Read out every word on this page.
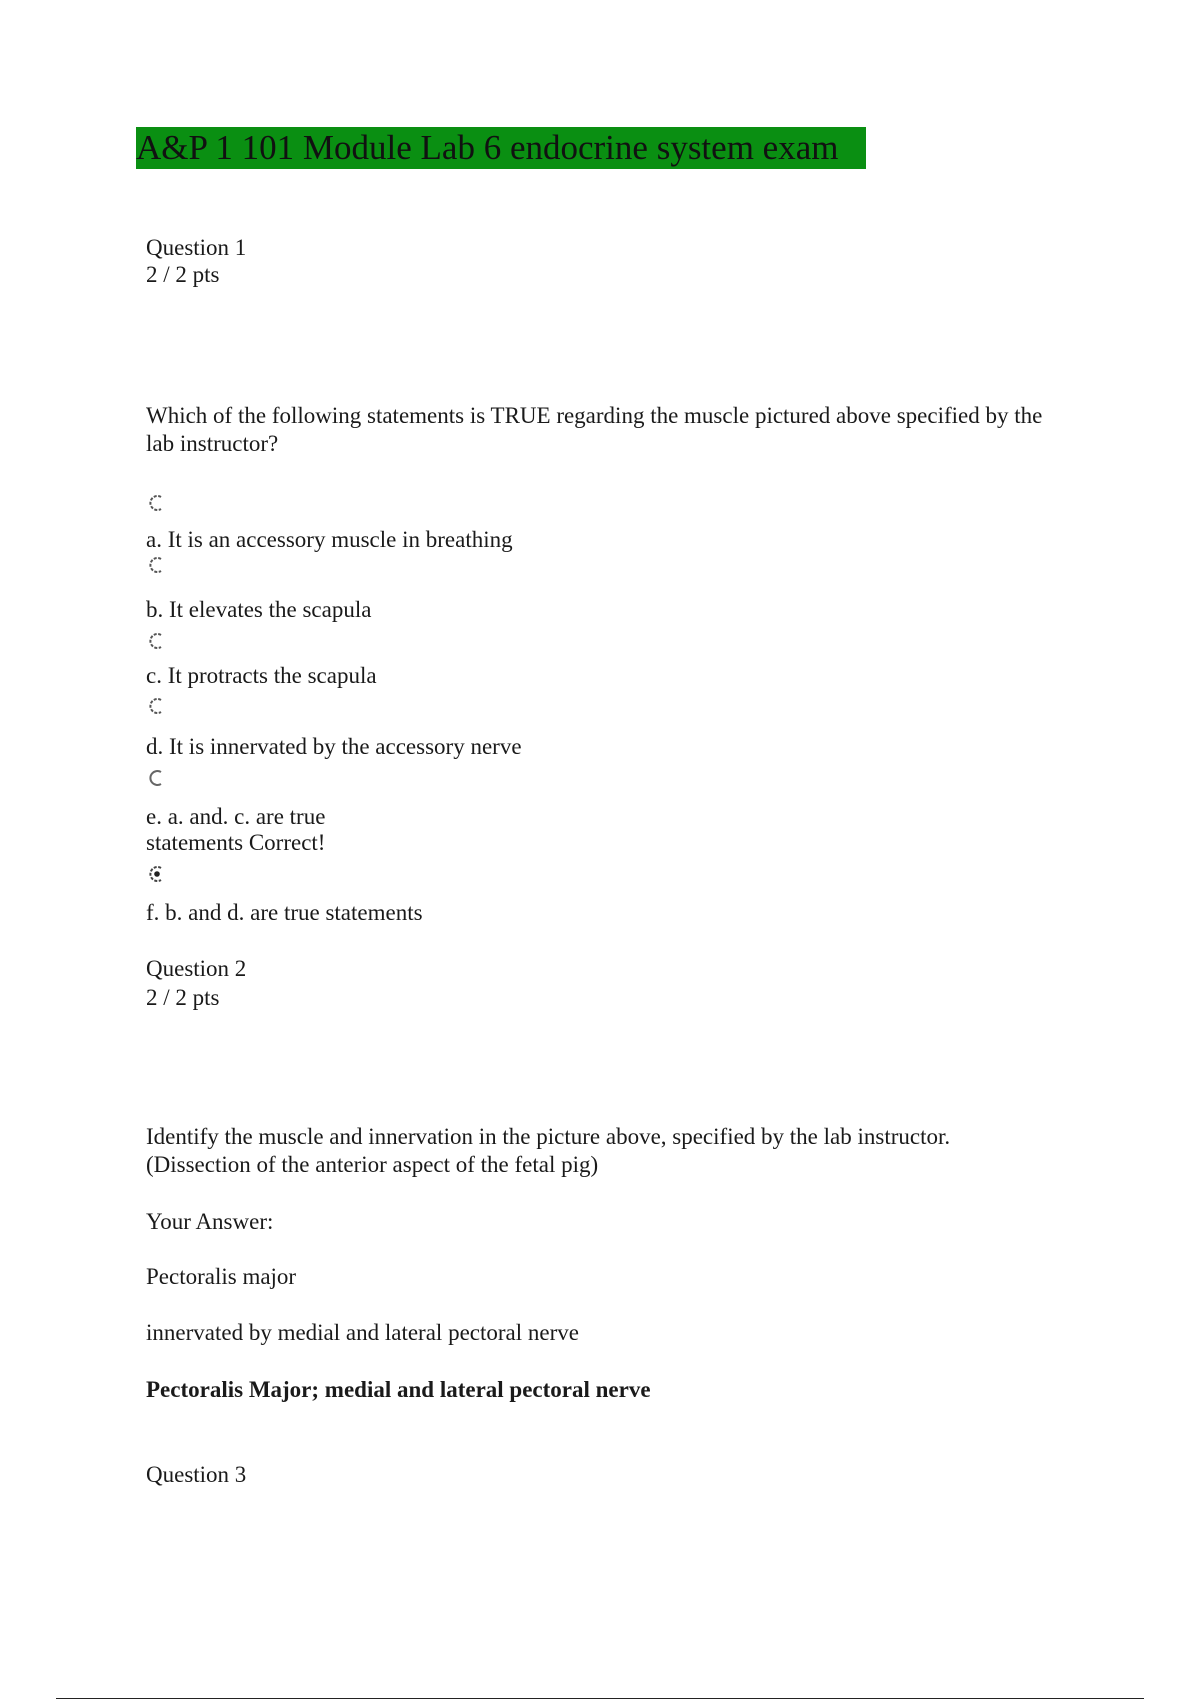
A&P 1 101 Module Lab 6 endocrine system exam
Question 1
2 / 2 pts
Which of the following statements is TRUE regarding the muscle pictured above specified by the
lab instructor?
a. It is an accessory muscle in breathing
b. It elevates the scapula
c. It protracts the scapula
d. It is innervated by the accessory nerve
e. a. and. c. are true
statements Correct!
f. b. and d. are true statements
Question 2
2 / 2 pts
Identify the muscle and innervation in the picture above, specified by the lab instructor.
(Dissection of the anterior aspect of the fetal pig)
Your Answer:
Pectoralis major
innervated by medial and lateral pectoral nerve
Pectoralis Major; medial and lateral pectoral nerve
Question 3
